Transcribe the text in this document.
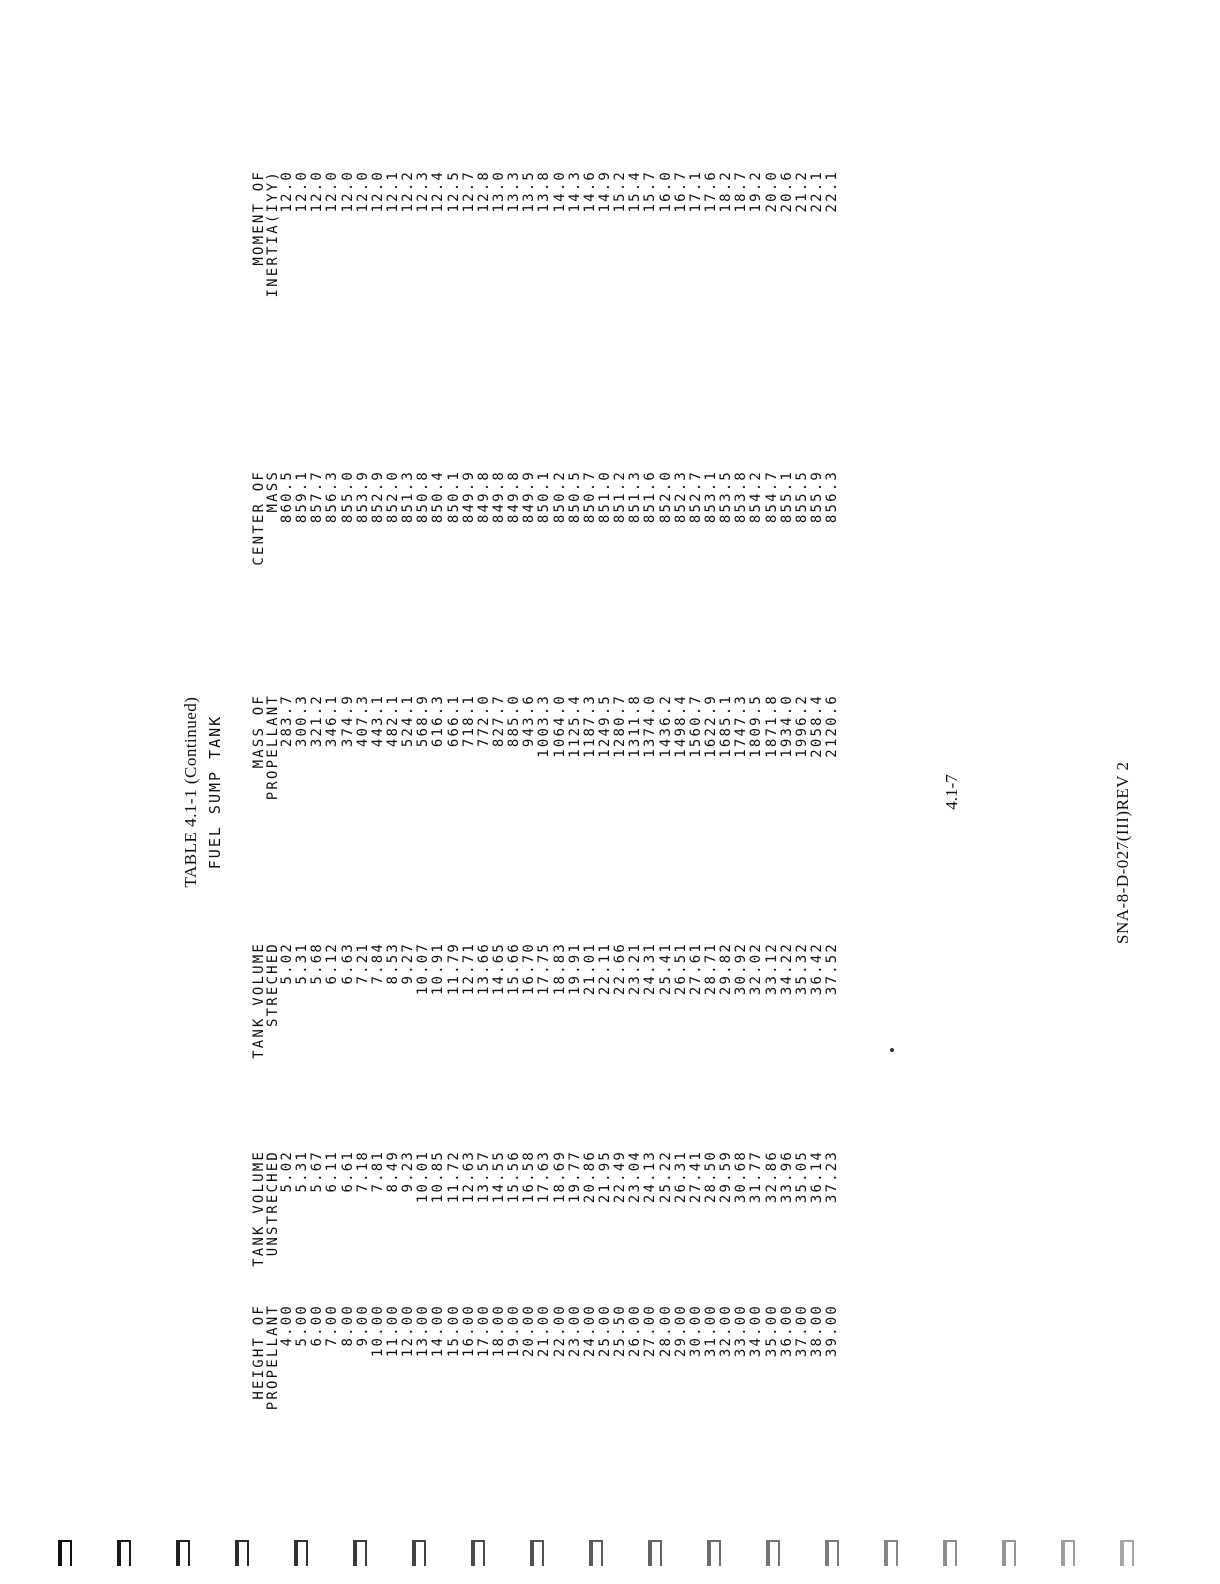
TABLE 4.1-1 (Continued) FUEL SUMP TANK
HEIGHT OF
PROPELLANT
4.00 5.00 6.00 7.00 8.00 9.00 10.00 11.00 12.00 13.00 14.00 15.00 16.00 17.00 18.00 19.00 20.00 21.00 22.00 23.00 24.00 25.00 25.50 26.00 27.00 28.00 29.00 30.00 31.00 32.00 33.00 34.00 35.00 36.00 37.00 38.00 39.00
TANK VOLUME
UNSTRECHED
5.02 5.31 5.67 6.11 6.61 7.18 7.81 8.49 9.23 10.01 10.85 11.72 12.63 13.57 14.55 15.56 16.58 17.63 18.69 19.77 20.86 21.95 22.49 23.04 24.13 25.22 26.31 27.41 28.50 29.59 30.68 31.77 32.86 33.96 35.05 36.14 37.23
TANK VOLUME
STRECHED
5.02 5.31 5.68 6.12 6.63 7.21 7.84 8.53 9.27 10.07 10.91 11.79 12.71 13.66 14.65 15.66 16.70 17.75 18.83 19.91 21.01 22.11 22.66 23.21 24.31 25.41 26.51 27.61 28.71 29.82 30.92 32.02 33.12 34.22 35.32 36.42 37.52
MASS OF
PROPELLANT
283.7 300.3 321.2 346.1 374.9 407.3 443.1 482.1 524.1 568.9 616.3 666.1 718.1 772.0 827.7 885.0 943.6 1003.3 1064.0 1125.4 1187.3 1249.5 1280.7 1311.8 1374.0 1436.2 1498.4 1560.7 1622.9 1685.1 1747.3 1809.5 1871.8 1934.0 1996.2 2058.4 2120.6
CENTER OF
MASS
860.5 859.1 857.7 856.3 855.0 853.9 852.9 852.0 851.3 850.8 850.4 850.1 849.9 849.8 849.8 849.8 849.9 850.1 850.2 850.5 850.7 851.0 851.2 851.3 851.6 852.0 852.3 852.7 853.1 853.5 853.8 854.2 854.7 855.1 855.5 855.9 856.3
MOMENT OF
INERTIA(IYY)
12.0 12.0 12.0 12.0 12.0 12.0 12.0 12.1 12.2 12.3 12.4 12.5 12.7 12.8 13.0 13.3 13.5 13.8 14.0 14.3 14.6 14.9 15.2 15.4 15.7 16.0 16.7 17.1 17.6 18.2 18.7 19.2 20.0 20.6 21.2 22.1 22.1
4.1-7	SNA-8-D-027(III)REV 2
